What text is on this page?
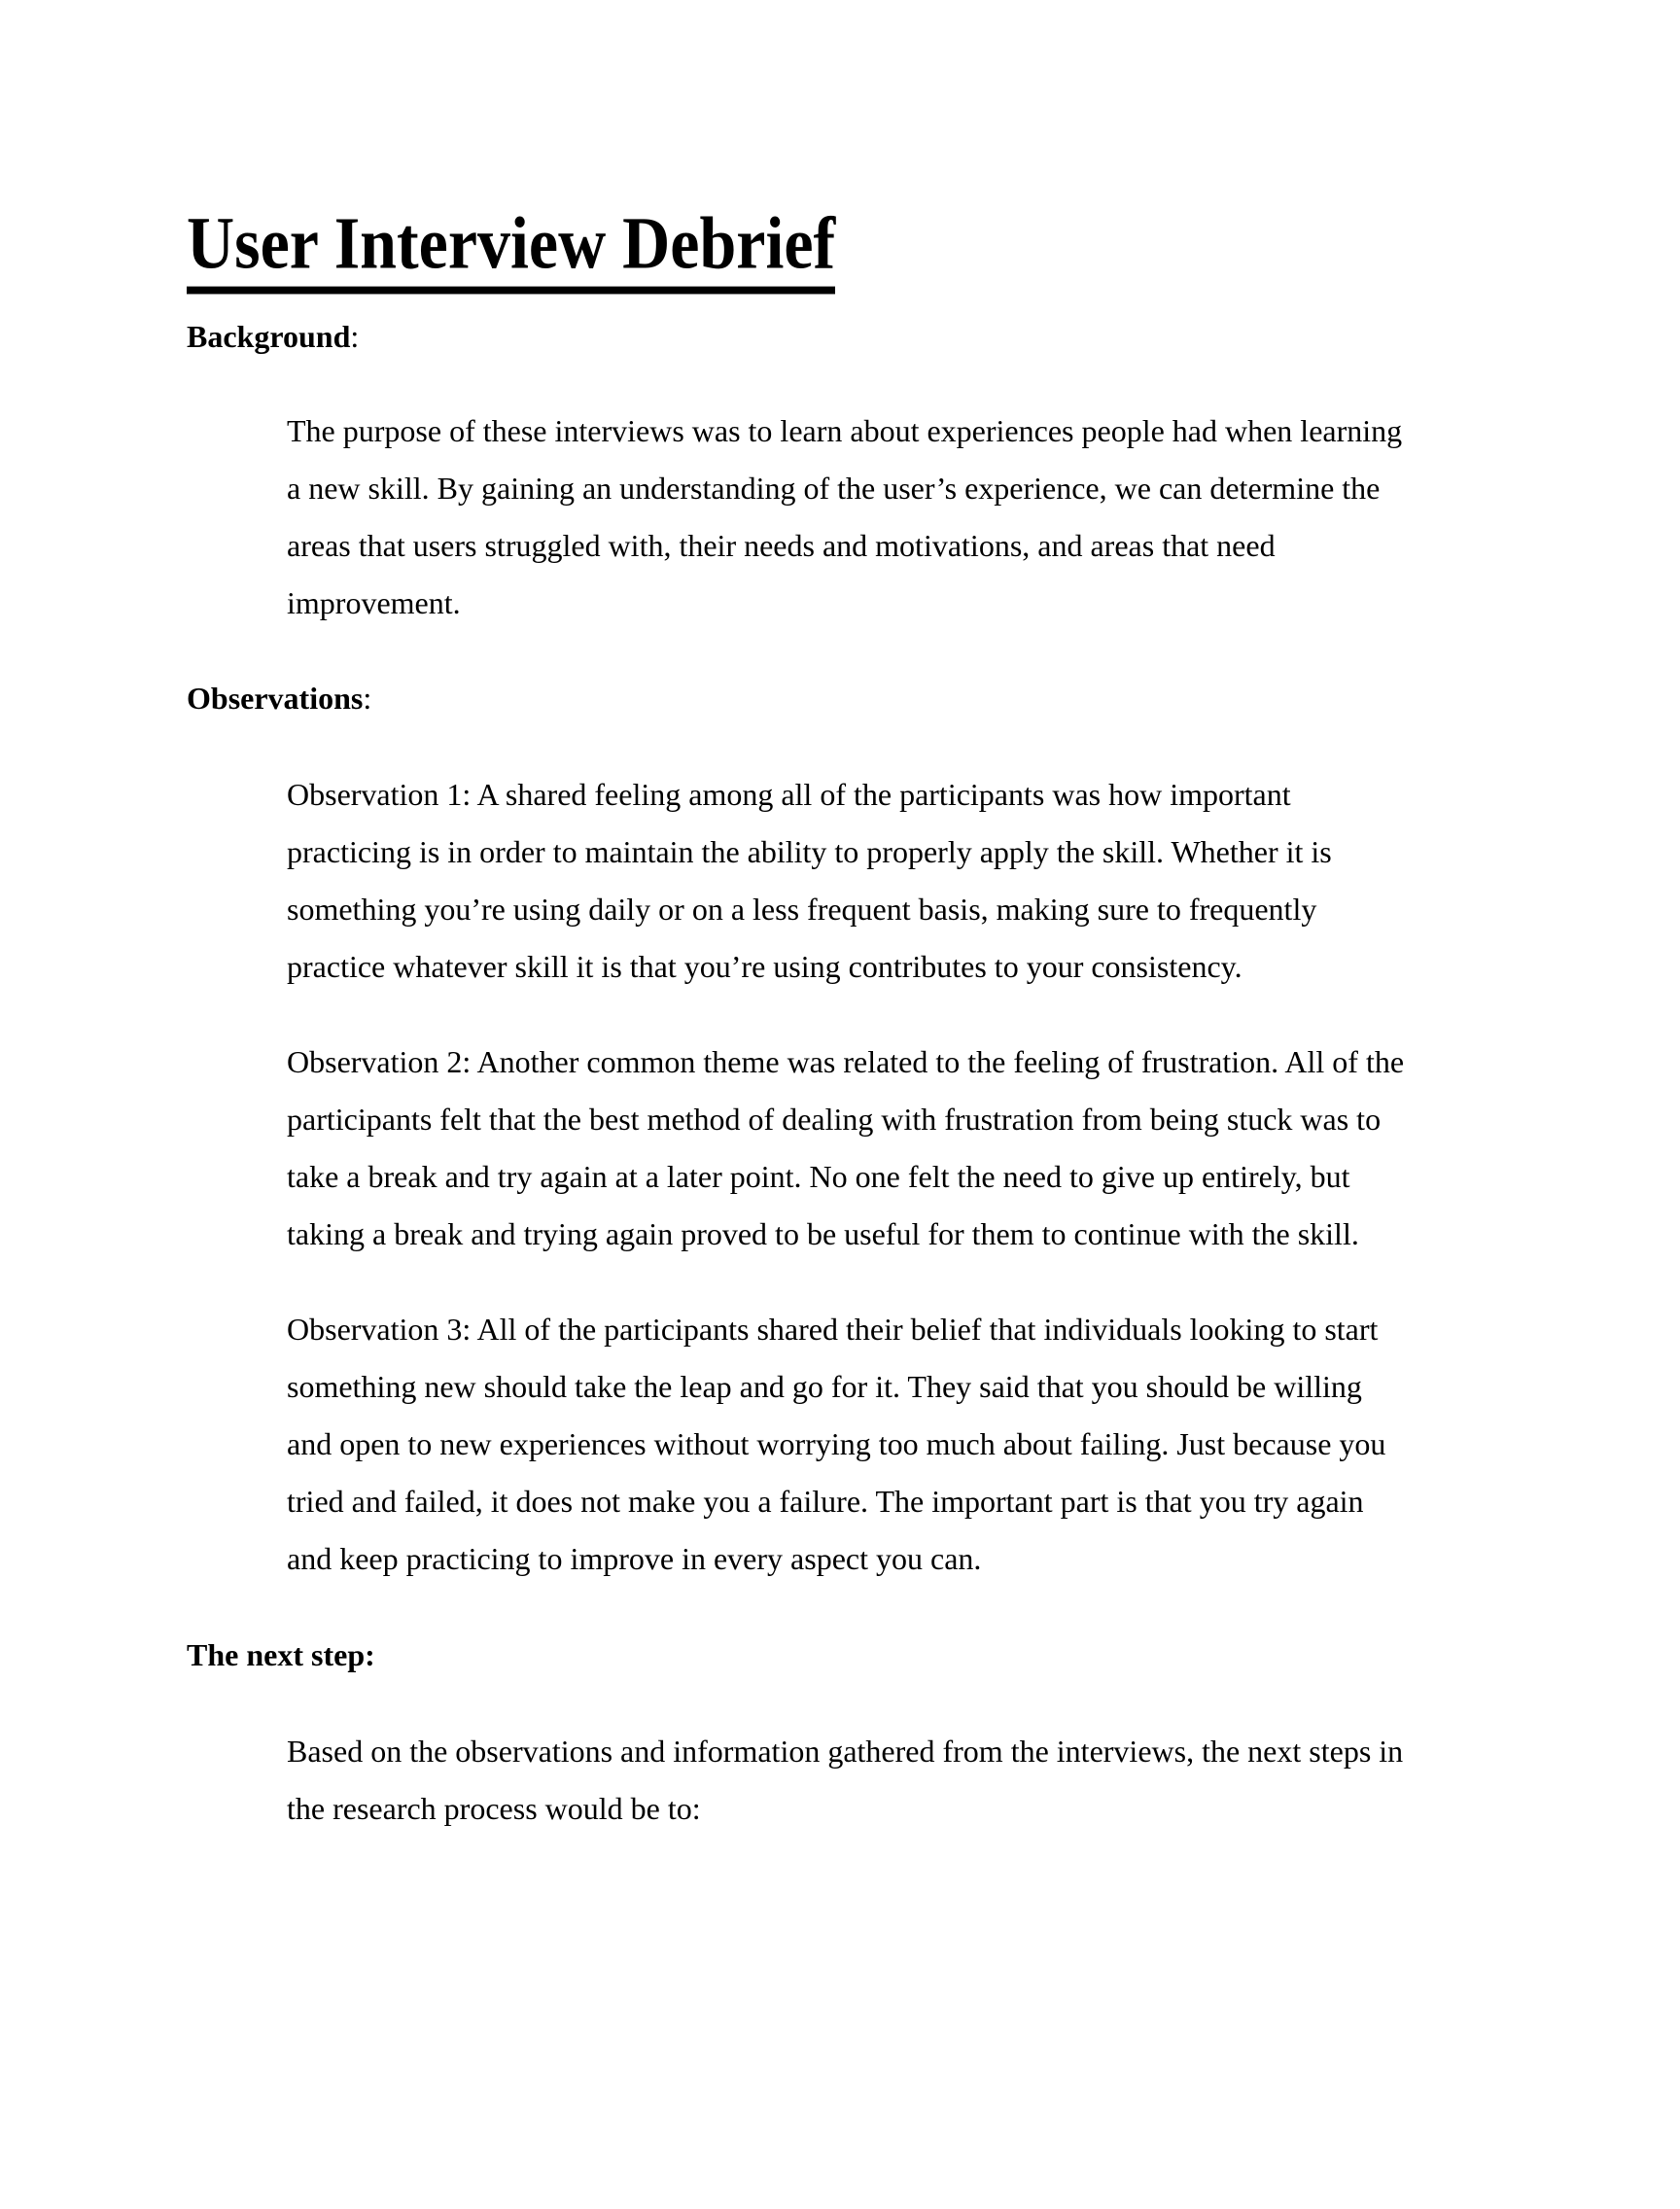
User Interview Debrief
Background:
The purpose of these interviews was to learn about experiences people had when learning
a new skill. By gaining an understanding of the user’s experience, we can determine the
areas that users struggled with, their needs and motivations, and areas that need
improvement.
Observations:
Observation 1: A shared feeling among all of the participants was how important
practicing is in order to maintain the ability to properly apply the skill. Whether it is
something you’re using daily or on a less frequent basis, making sure to frequently
practice whatever skill it is that you’re using contributes to your consistency.
Observation 2: Another common theme was related to the feeling of frustration. All of the
participants felt that the best method of dealing with frustration from being stuck was to
take a break and try again at a later point. No one felt the need to give up entirely, but
taking a break and trying again proved to be useful for them to continue with the skill.
Observation 3: All of the participants shared their belief that individuals looking to start
something new should take the leap and go for it. They said that you should be willing
and open to new experiences without worrying too much about failing. Just because you
tried and failed, it does not make you a failure. The important part is that you try again
and keep practicing to improve in every aspect you can.
The next step:
Based on the observations and information gathered from the interviews, the next steps in
the research process would be to:
